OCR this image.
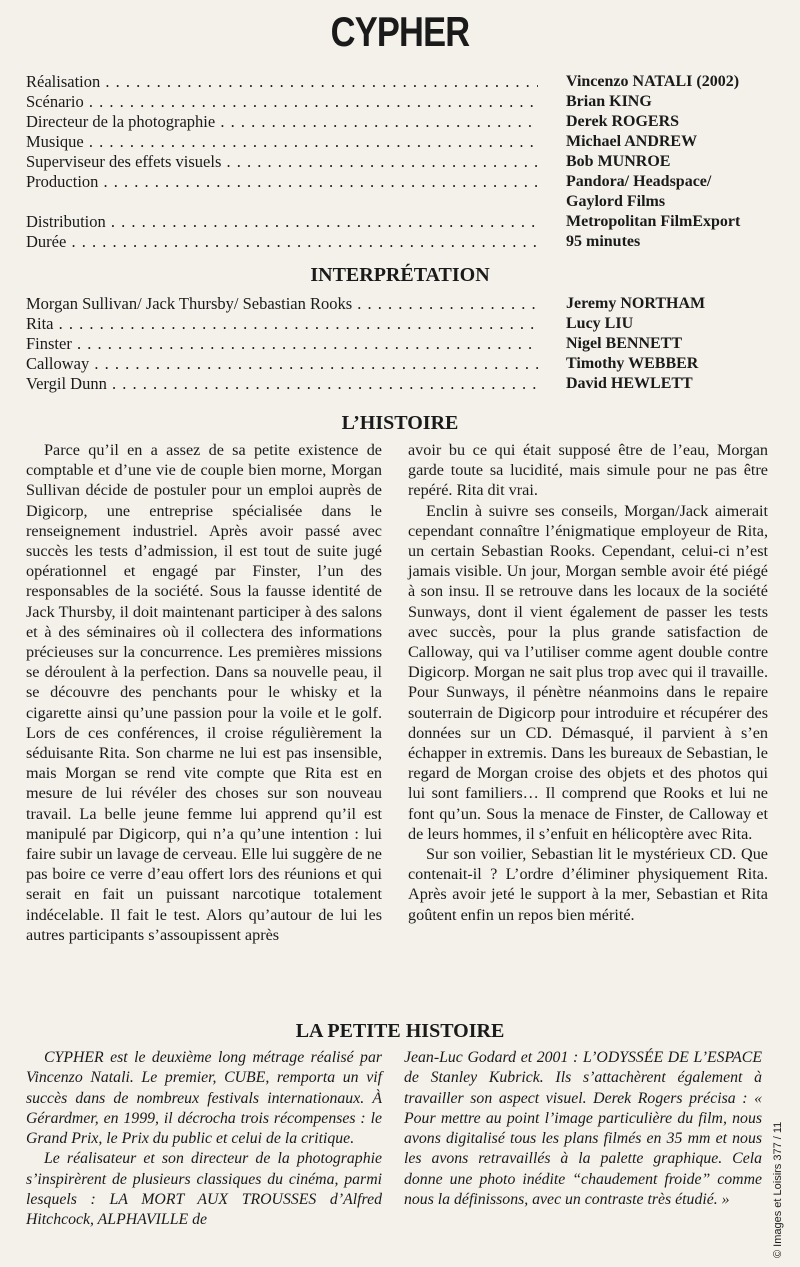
CYPHER
Réalisation . . .	Vincenzo NATALI (2002)
Scénario . . .	Brian KING
Directeur de la photographie . . .	Derek ROGERS
Musique . . .	Michael ANDREW
Superviseur des effets visuels . . .	Bob MUNROE
Production . . .	Pandora/ Headspace/
Gaylord Films
Distribution . . .	Metropolitan FilmExport
Durée . . .	95 minutes
INTERPRÉTATION
Morgan Sullivan/ Jack Thursby/ Sebastian Rooks . . .	Jeremy NORTHAM
Rita . . .	Lucy LIU
Finster . . .	Nigel BENNETT
Calloway . . .	Timothy WEBBER
Vergil Dunn . . .	David HEWLETT
L’HISTOIRE

Parce qu’il en a assez de sa petite existence de comptable et d’une vie de couple bien morne, Morgan Sullivan décide de postuler pour un emploi auprès de Digicorp, une entreprise spécialisée dans le renseignement industriel. Après avoir passé avec succès les tests d’admission, il est tout de suite jugé opérationnel et engagé par Finster, l’un des responsables de la société. Sous la fausse identité de Jack Thursby, il doit maintenant participer à des salons et à des séminaires où il collectera des informations précieuses sur la concurrence. Les premières missions se déroulent à la perfection. Dans sa nouvelle peau, il se découvre des penchants pour le whisky et la cigarette ainsi qu’une passion pour la voile et le golf. Lors de ces conférences, il croise régulièrement la séduisante Rita. Son charme ne lui est pas insensible, mais Morgan se rend vite compte que Rita est en mesure de lui révéler des choses sur son nouveau travail. La belle jeune femme lui apprend qu’il est manipulé par Digicorp, qui n’a qu’une intention : lui faire subir un lavage de cerveau. Elle lui suggère de ne pas boire ce verre d’eau offert lors des réunions et qui serait en fait un puissant narcotique totalement indécelable. Il fait le test. Alors qu’autour de lui les autres participants s’assoupissent après

avoir bu ce qui était supposé être de l’eau, Morgan garde toute sa lucidité, mais simule pour ne pas être repéré. Rita dit vrai.

Enclin à suivre ses conseils, Morgan/Jack aimerait cependant connaître l’énigmatique employeur de Rita, un certain Sebastian Rooks. Cependant, celui-ci n’est jamais visible. Un jour, Morgan semble avoir été piégé à son insu. Il se retrouve dans les locaux de la société Sunways, dont il vient également de passer les tests avec succès, pour la plus grande satisfaction de Calloway, qui va l’utiliser comme agent double contre Digicorp. Morgan ne sait plus trop avec qui il travaille. Pour Sunways, il pénètre néanmoins dans le repaire souterrain de Digicorp pour introduire et récupérer des données sur un CD. Démasqué, il parvient à s’en échapper in extremis. Dans les bureaux de Sebastian, le regard de Morgan croise des objets et des photos qui lui sont familiers… Il comprend que Rooks et lui ne font qu’un. Sous la menace de Finster, de Calloway et de leurs hommes, il s’enfuit en hélicoptère avec Rita.

Sur son voilier, Sebastian lit le mystérieux CD. Que contenait-il ? L’ordre d’éliminer physiquement Rita. Après avoir jeté le support à la mer, Sebastian et Rita goûtent enfin un repos bien mérité.

LA PETITE HISTOIRE

CYPHER est le deuxième long métrage réalisé par Vincenzo Natali. Le premier, CUBE, remporta un vif succès dans de nombreux festivals internationaux. À Gérardmer, en 1999, il décrocha trois récompenses : le Grand Prix, le Prix du public et celui de la critique.

Le réalisateur et son directeur de la photographie s’inspirèrent de plusieurs classiques du cinéma, parmi lesquels : LA MORT AUX TROUSSES d’Alfred Hitchcock, ALPHAVILLE de

Jean-Luc Godard et 2001 : L’ODYSSÉE DE L’ESPACE de Stanley Kubrick. Ils s’attachèrent également à travailler son aspect visuel. Derek Rogers précisa : « Pour mettre au point l’image particulière du film, nous avons digitalisé tous les plans filmés en 35 mm et nous les avons retravaillés à la palette graphique. Cela donne une photo inédite “chaudement froide” comme nous la définissons, avec un contraste très étudié. »	© Images et Loisirs 377 / 11
